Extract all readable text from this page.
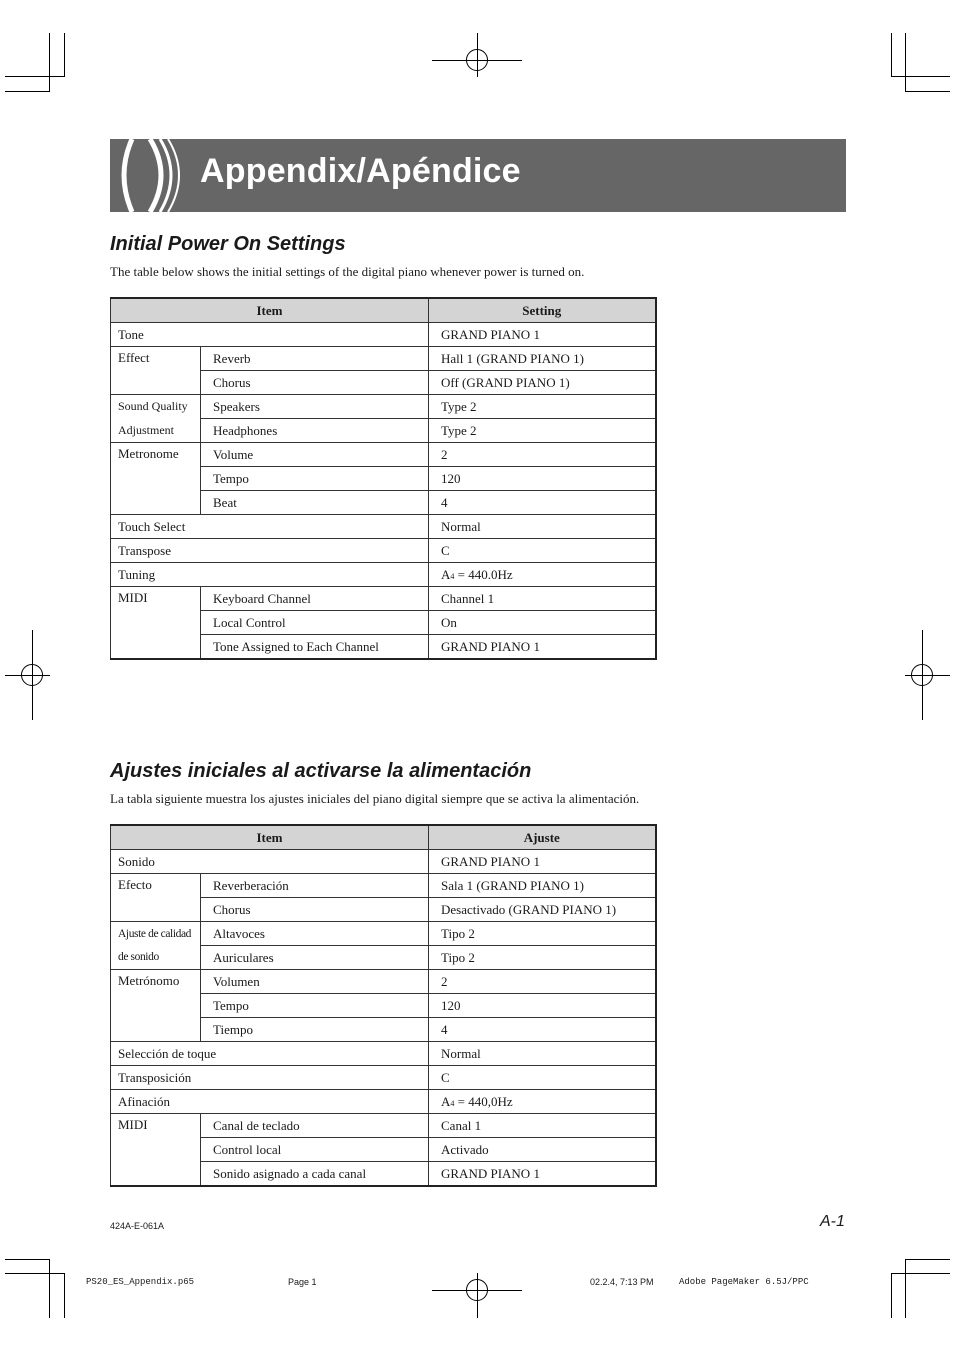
Appendix/Apéndice
Initial Power On Settings
The table below shows the initial settings of the digital piano whenever power is turned on.
Item		Setting
Tone		GRAND PIANO 1
Effect	Reverb	Hall 1 (GRAND PIANO 1)
	Chorus	Off (GRAND PIANO 1)
Sound Quality	Speakers	Type 2
Adjustment	Headphones	Type 2
Metronome	Volume	2
	Tempo	120
	Beat	4
Touch Select		Normal
Transpose		C
Tuning		A4 = 440.0Hz
MIDI	Keyboard Channel	Channel 1
	Local Control	On
	Tone Assigned to Each Channel	GRAND PIANO 1
Ajustes iniciales al activarse la alimentación
La tabla siguiente muestra los ajustes iniciales del piano digital siempre que se activa la alimentación.
Item		Ajuste
Sonido		GRAND PIANO 1
Efecto	Reverberación	Sala 1 (GRAND PIANO 1)
	Chorus	Desactivado (GRAND PIANO 1)
Ajuste de calidad	Altavoces	Tipo 2
de sonido	Auriculares	Tipo 2
Metrónomo	Volumen	2
	Tempo	120
	Tiempo	4
Selección de toque		Normal
Transposición		C
Afinación		A4 = 440,0Hz
MIDI	Canal de teclado	Canal 1
	Control local	Activado
	Sonido asignado a cada canal	GRAND PIANO 1
424A-E-061A	A-1
PS20_ES_Appendix.p65	Page 1	02.2.4, 7:13 PM	Adobe PageMaker 6.5J/PPC
